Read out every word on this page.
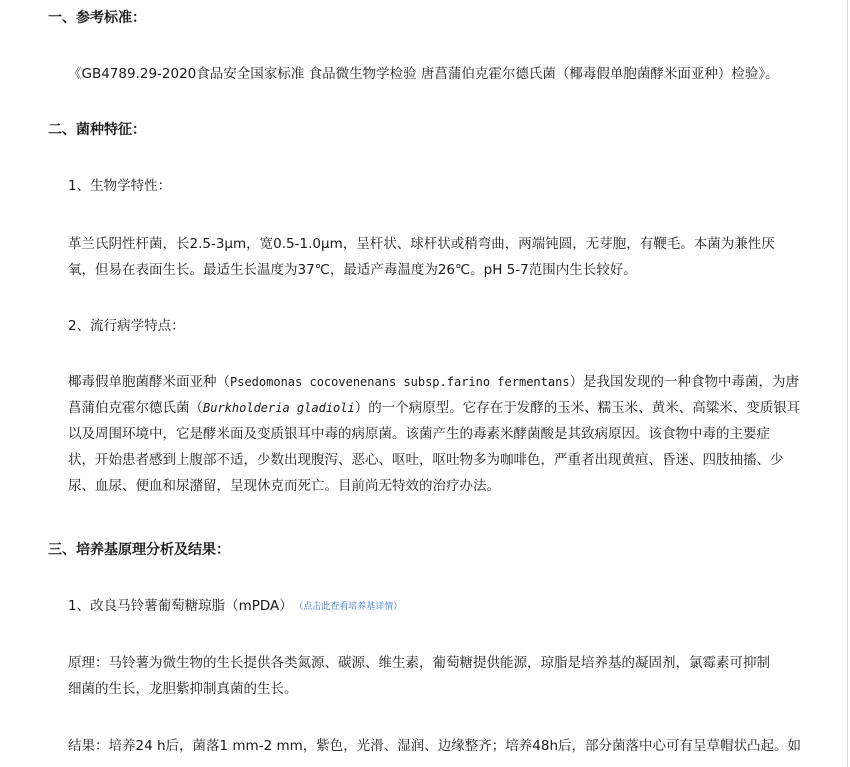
一、参考标准：
《GB4789.29-2020食品安全国家标准 食品微生物学检验 唐菖蒲伯克霍尔德氏菌（椰毒假单胞菌酵米面亚种）检验》。
二、菌种特征：
1、生物学特性：
革兰氏阴性杆菌，长2.5-3μm，宽0.5-1.0μm，呈杆状、球杆状或稍弯曲，两端钝圆，无芽胞，有鞭毛。本菌为兼性厌
氧，但易在表面生长。最适生长温度为37℃，最适产毒温度为26℃。pH 5-7范围内生长较好。
2、流行病学特点：
椰毒假单胞菌酵米面亚种（Psedomonas cocovenenans subsp.farino fermentans）是我国发现的一种食物中毒菌，为唐
菖蒲伯克霍尔德氏菌（Burkholderia gladioli）的一个病原型。它存在于发酵的玉米、糯玉米、黄米、高粱米、变质银耳
以及周围环境中，它是酵米面及变质银耳中毒的病原菌。该菌产生的毒素米酵菌酸是其致病原因。该食物中毒的主要症
状，开始患者感到上腹部不适，少数出现腹泻、恶心、呕吐，呕吐物多为咖啡色，严重者出现黄疸、昏迷、四肢抽搐、少
尿、血尿、便血和尿潴留，呈现休克而死亡。目前尚无特效的治疗办法。
三、培养基原理分析及结果：
1、改良马铃薯葡萄糖琼脂（mPDA） （点击此查看培养基详情）
原理：马铃薯为微生物的生长提供各类氮源、碳源、维生素，葡萄糖提供能源，琼脂是培养基的凝固剂，氯霉素可抑制
细菌的生长，龙胆紫抑制真菌的生长。
结果：培养24 h后，菌落1 mm-2 mm，紫色，光滑、湿润、边缘整齐；培养48h后，部分菌落中心可有呈草帽状凸起。如
